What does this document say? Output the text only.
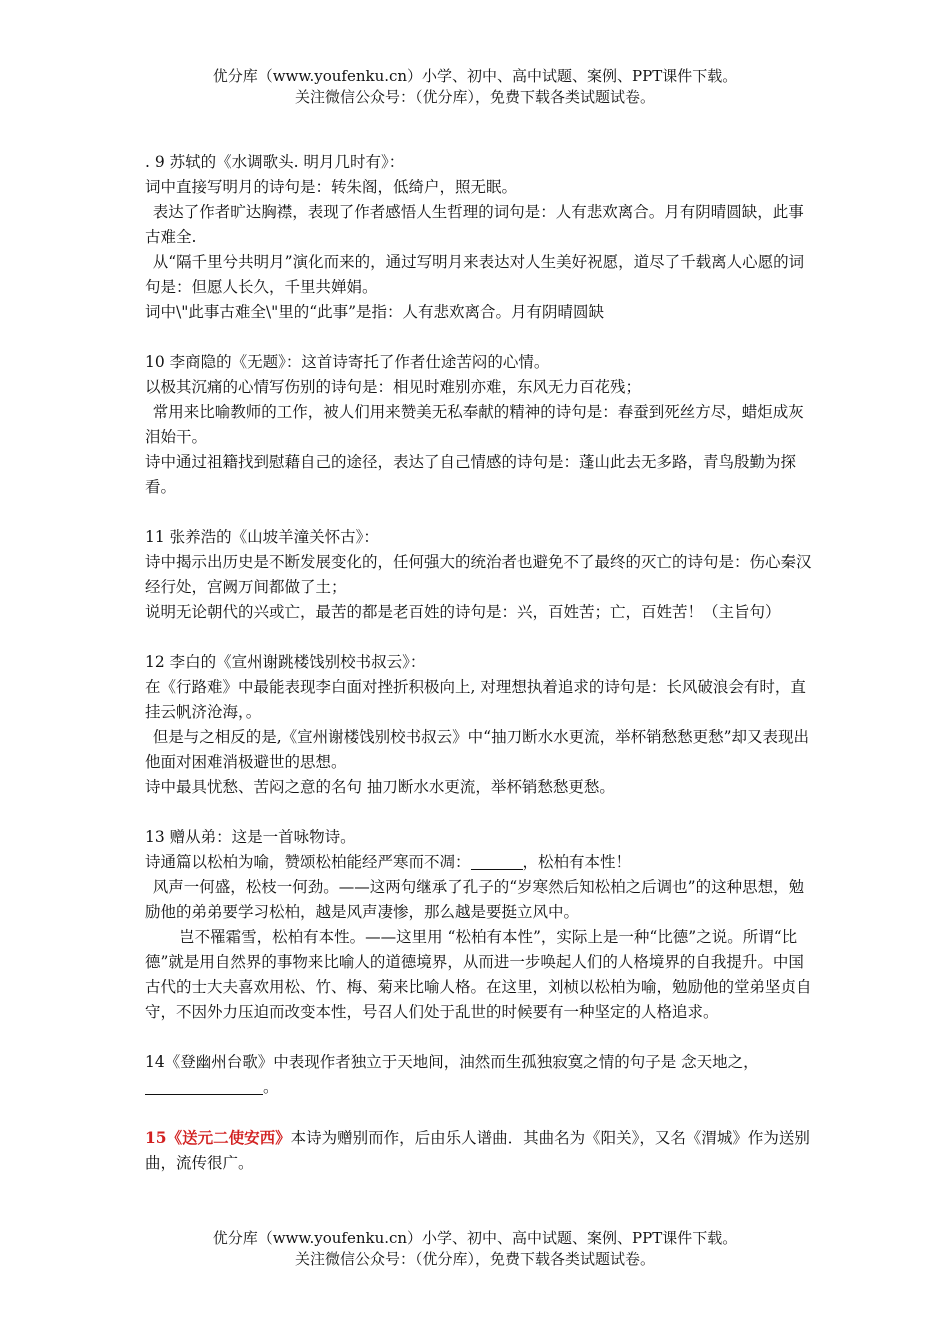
优分库（www.youfenku.cn）小学、初中、高中试题、案例、PPT课件下载。
关注微信公众号：（优分库），免费下载各类试题试卷。

. 9 苏轼的《水调歌头. 明月几时有》：

词中直接写明月的诗句是：转朱阁，低绮户，照无眠。

表达了作者旷达胸襟，表现了作者感悟人生哲理的词句是：人有悲欢离合。月有阴晴圆缺，此事古难全.

从“隔千里兮共明月”演化而来的，通过写明月来表达对人生美好祝愿，道尽了千载离人心愿的词句是：但愿人长久，千里共婵娟。

词中\"此事古难全\"里的“此事”是指：人有悲欢离合。月有阴晴圆缺

10 李商隐的《无题》：这首诗寄托了作者仕途苦闷的心情。

以极其沉痛的心情写伤别的诗句是：相见时难别亦难，东风无力百花残；

常用来比喻教师的工作，被人们用来赞美无私奉献的精神的诗句是：春蚕到死丝方尽，蜡炬成灰泪始干。

诗中通过祖籍找到慰藉自己的途径，表达了自己情感的诗句是：蓬山此去无多路，青鸟殷勤为探看。

11 张养浩的《山坡羊潼关怀古》：

诗中揭示出历史是不断发展变化的，任何强大的统治者也避免不了最终的灭亡的诗句是：伤心秦汉经行处，宫阙万间都做了土；

说明无论朝代的兴或亡，最苦的都是老百姓的诗句是：兴，百姓苦；亡，百姓苦！（主旨句）

12 李白的《宣州谢跳楼饯别校书叔云》：

在《行路难》中最能表现李白面对挫折积极向上, 对理想执着追求的诗句是：长风破浪会有时，直挂云帆济沧海，。

但是与之相反的是,《宣州谢楼饯别校书叔云》中“抽刀断水水更流，举杯销愁愁更愁”却又表现出他面对困难消极避世的思想。

诗中最具忧愁、苦闷之意的名句 抽刀断水水更流，举杯销愁愁更愁。

13 赠从弟：这是一首咏物诗。

诗通篇以松柏为喻，赞颂松柏能经严寒而不凋：	，松柏有本性！

风声一何盛，松枝一何劲。——这两句继承了孔子的“岁寒然后知松柏之后调也”的这种思想，勉励他的弟弟要学习松柏，越是风声凄惨，那么越是要挺立风中。

岂不罹霜雪，松柏有本性。——这里用 “松柏有本性”，实际上是一种“比德”之说。所谓“比德”就是用自然界的事物来比喻人的道德境界，从而进一步唤起人们的人格境界的自我提升。中国古代的士大夫喜欢用松、竹、梅、菊来比喻人格。在这里，刘桢以松柏为喻，勉励他的堂弟坚贞自守，不因外力压迫而改变本性，号召人们处于乱世的时候要有一种坚定的人格追求。

14《登幽州台歌》中表现作者独立于天地间，油然而生孤独寂寞之情的句子是 念天地之，。

15《送元二使安西》本诗为赠别而作，后由乐人谱曲．其曲名为《阳关》，又名《渭城》作为送别曲，流传很广。

优分库（www.youfenku.cn）小学、初中、高中试题、案例、PPT课件下载。
关注微信公众号：（优分库），免费下载各类试题试卷。
